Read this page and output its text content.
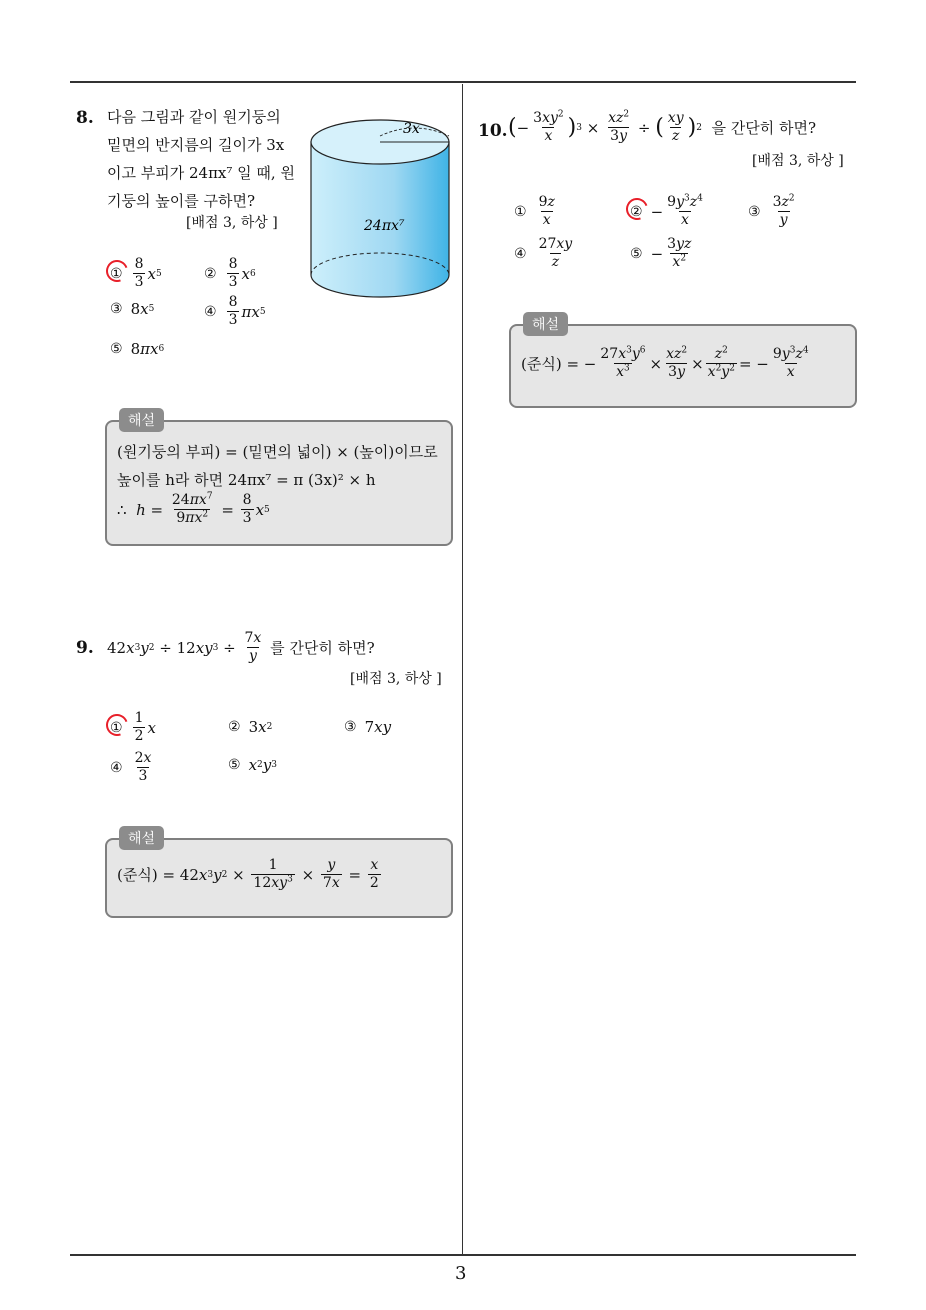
8. 다음 그림과 같이 원기둥의
밑면의 반지름의 길이가 3x
이고 부피가 24πx⁷ 일 때, 원
기둥의 높이를 구하면?
[배점 3, 하상 ]
3x
24πx⁷
① $\frac{8}{3}$ x 5	② $\frac{8}{3}$ x 6
③ 8 x 5	④ $\frac{8}{3}$ πx 5
⑤ 8 πx 6
해설
(원기둥의 부피) = (밑면의 넓이) × (높이)이므로
높이를 h라 하면 24πx⁷ = π (3x)² × h
∴ $h = \frac{24\pi x^7}{9\pi x^2} = \frac{8}{3}$ x 5
9. 42 x 3 y 2 ÷ 12 xy $3 \div \frac{7x}{y}$
를 간단히 하면?
[배점 3, 하상 ]
① $\frac{1}{2}$ x	② 3 x 2	③ 7 xy
④ $\frac{2x}{3}$	⑤ x 2 y 3
해설
(준식) = 42 x 3 y $2 \times \frac{1}{12xy^3} \times \frac{y}{7x} = \frac{x}{2}$
10. ( − $\frac{3xy^2}{x}$ ) $3 \times \frac{xz^2}{3y}$ ÷ ( $\frac{xy}{z}$ ) 2
을 간단히 하면?
[배점 3, 하상 ]
① $\frac{9z}{x}$	② − $\frac{9y^3z^4}{x}$	③ $\frac{3z^2}{y}$
④ $\frac{27xy}{z}$	⑤ − $\frac{3yz}{x^2}$
해설
(준식) = − $\frac{27x^3y^6}{x^3} \times \frac{xz^2}{3y} \times \frac{z^2}{x^2y^2}$ = − $\frac{9y^3z^4}{x}$
3
